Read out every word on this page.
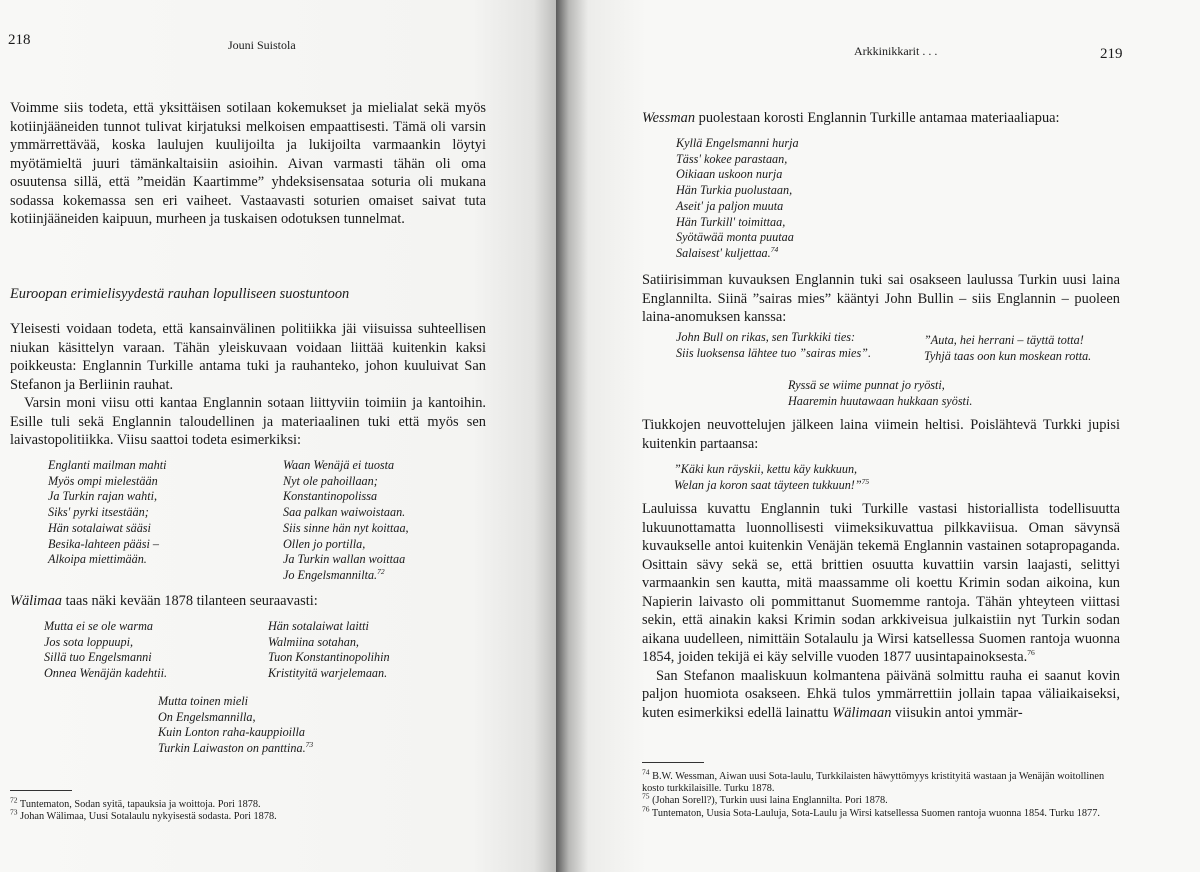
218	Jouni Suistola

Voimme siis todeta, että yksittäisen sotilaan kokemukset ja mielialat sekä myös kotiinjääneiden tunnot tulivat kirjatuksi melkoisen empaattisesti. Tämä oli varsin ymmärrettävää, koska laulujen kuulijoilta ja lukijoilta varmaankin löytyi myötämieltä juuri tämänkaltaisiin asioihin. Aivan varmasti tähän oli oma osuutensa sillä, että ”meidän Kaartimme” yhdeksisensataa soturia oli mukana sodassa kokemassa sen eri vaiheet. Vastaavasti soturien omaiset saivat tuta kotiinjääneiden kaipuun, murheen ja tuskaisen odotuksen tunnelmat.

Euroopan erimielisyydestä rauhan lopulliseen suostuntoon

Yleisesti voidaan todeta, että kansainvälinen politiikka jäi viisuissa suhteellisen niukan käsittelyn varaan. Tähän yleiskuvaan voidaan liittää kuitenkin kaksi poikkeusta: Englannin Turkille antama tuki ja rauhanteko, johon kuuluivat San Stefanon ja Berliinin rauhat.

Varsin moni viisu otti kantaa Englannin sotaan liittyviin toimiin ja kantoihin. Esille tuli sekä Englannin taloudellinen ja materiaalinen tuki että myös sen laivastopolitiikka. Viisu saattoi todeta esimerkiksi:

Englanti mailman mahti
Myös ompi mielestään
Ja Turkin rajan wahti,
Siks' pyrki itsestään;
Hän sotalaiwat sääsi
Besika-lahteen pääsi –
Alkoipa miettimään.
Waan Wenäjä ei tuosta
Nyt ole pahoillaan;
Konstantinopolissa
Saa palkan waiwoistaan.
Siis sinne hän nyt koittaa,
Ollen jo portilla,
Ja Turkin wallan woittaa
Jo Engelsmannilta.$^{72}$

Wälimaa taas näki kevään 1878 tilanteen seuraavasti:

Mutta ei se ole warma
Jos sota loppuupi,
Sillä tuo Engelsmanni
Onnea Wenäjän kadehtii.
Hän sotalaiwat laitti
Walmiina sotahan,
Tuon Konstantinopolihin
Kristityitä warjelemaan.
Mutta toinen mieli
On Engelsmannilla,
Kuin Lonton raha-kauppioilla
Turkin Laiwaston on panttina.$^{73}$
$^{72}$ Tuntematon, Sodan syitä, tapauksia ja woittoja. Pori 1878.
$^{73}$ Johan Wälimaa, Uusi Sotalaulu nykyisestä sodasta. Pori 1878.
Arkkinikkarit . . .	219

Wessman puolestaan korosti Englannin Turkille antamaa materiaaliapua:

Kyllä Engelsmanni hurja
Täss' kokee parastaan,
Oikiaan uskoon nurja
Hän Turkia puolustaan,
Aseit' ja paljon muuta
Hän Turkill' toimittaa,
Syötäwää monta puutaa
Salaisest' kuljettaa.$^{74}$

Satiirisimman kuvauksen Englannin tuki sai osakseen laulussa Turkin uusi laina Englannilta. Siinä ”sairas mies” kääntyi John Bullin – siis Englannin – puoleen laina-anomuksen kanssa:

John Bull on rikas, sen Turkkiki ties:
Siis luoksensa lähtee tuo ”sairas mies”.
”Auta, hei herrani – täyttä totta!
Tyhjä taas oon kun moskean rotta.
Ryssä se wiime punnat jo ryösti,
Haaremin huutawaan hukkaan syösti.

Tiukkojen neuvottelujen jälkeen laina viimein heltisi. Poislähtevä Turkki jupisi kuitenkin partaansa:

”Käki kun räyskii, kettu käy kukkuun,
Welan ja koron saat täyteen tukkuun!”$^{75}$

Lauluissa kuvattu Englannin tuki Turkille vastasi historiallista todellisuutta lukuunottamatta luonnollisesti viimeksikuvattua pilkkaviisua. Oman sävynsä kuvaukselle antoi kuitenkin Venäjän tekemä Englannin vastainen sotapropaganda. Osittain sävy sekä se, että brittien osuutta kuvattiin varsin laajasti, selittyi varmaankin sen kautta, mitä maassamme oli koettu Krimin sodan aikoina, kun Napierin laivasto oli pommittanut Suomemme rantoja. Tähän yhteyteen viittasi sekin, että ainakin kaksi Krimin sodan arkkiveisua julkaistiin nyt Turkin sodan aikana uudelleen, nimittäin Sotalaulu ja Wirsi katsellessa Suomen rantoja wuonna 1854, joiden tekijä ei käy selville vuoden 1877 uusintapainoksesta.$^{76}$

San Stefanon maaliskuun kolmantena päivänä solmittu rauha ei saanut kovin paljon huomiota osakseen. Ehkä tulos ymmärrettiin jollain tapaa väliaikaiseksi, kuten esimerkiksi edellä lainattu Wälimaan viisukin antoi ymmär-

$^{74}$ B.W. Wessman, Aiwan uusi Sota-laulu, Turkkilaisten häwyttömyys kristityitä wastaan ja Wenäjän woitollinen kosto turkkilaisille. Turku 1878.
$^{75}$ (Johan Sorell?), Turkin uusi laina Englannilta. Pori 1878.
$^{76}$ Tuntematon, Uusia Sota-Lauluja, Sota-Laulu ja Wirsi katsellessa Suomen rantoja wuonna 1854. Turku 1877.
